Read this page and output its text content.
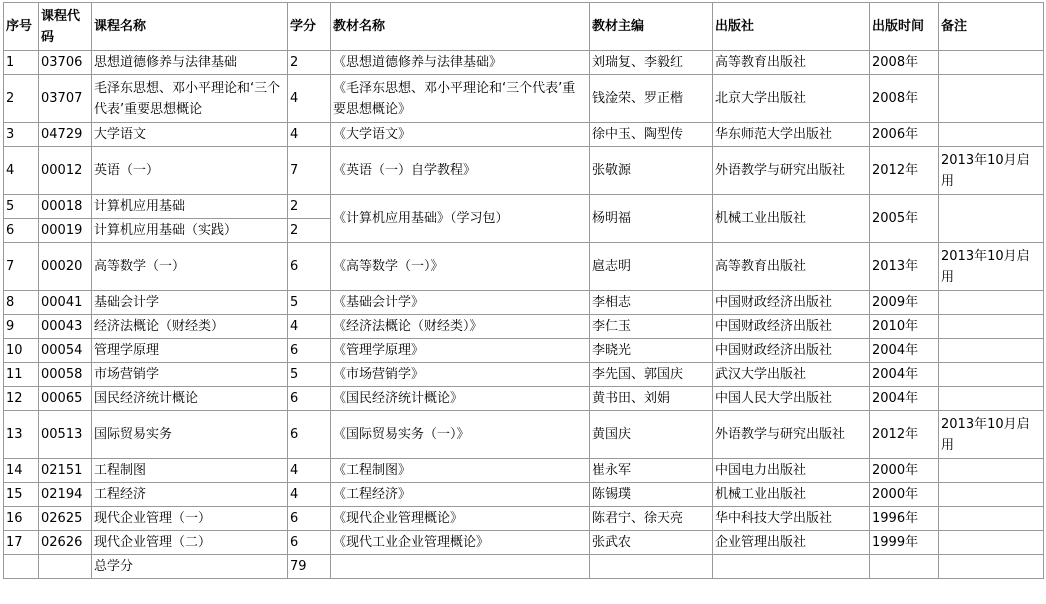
序号	课程代码	课程名称	学分	教材名称	教材主编	出版社	出版时间	备注
1	03706	思想道德修养与法律基础	2	《思想道德修养与法律基础》	刘瑞复、李毅红	高等教育出版社	2008年	
2	03707	毛泽东思想、邓小平理论和‘三个代表’重要思想概论	4	《毛泽东思想、邓小平理论和‘三个代表’重要思想概论》	钱淦荣、罗正楷	北京大学出版社	2008年	
3	04729	大学语文	4	《大学语文》	徐中玉、陶型传	华东师范大学出版社	2006年	
4	00012	英语（一）	7	《英语（一）自学教程》	张敬源	外语教学与研究出版社	2012年	2013年10月启用
5	00018	计算机应用基础	2	《计算机应用基础》（学习包）	杨明福	机械工业出版社	2005年	
6	00019	计算机应用基础（实践）	2					
7	00020	高等数学（一）	6	《高等数学（一）》	扈志明	高等教育出版社	2013年	2013年10月启用
8	00041	基础会计学	5	《基础会计学》	李相志	中国财政经济出版社	2009年	
9	00043	经济法概论（财经类）	4	《经济法概论（财经类）》	李仁玉	中国财政经济出版社	2010年	
10	00054	管理学原理	6	《管理学原理》	李晓光	中国财政经济出版社	2004年	
11	00058	市场营销学	5	《市场营销学》	李先国、郭国庆	武汉大学出版社	2004年	
12	00065	国民经济统计概论	6	《国民经济统计概论》	黄书田、刘娟	中国人民大学出版社	2004年	
13	00513	国际贸易实务	6	《国际贸易实务（一）》	黄国庆	外语教学与研究出版社	2012年	2013年10月启用
14	02151	工程制图	4	《工程制图》	崔永军	中国电力出版社	2000年	
15	02194	工程经济	4	《工程经济》	陈锡璞	机械工业出版社	2000年	
16	02625	现代企业管理（一）	6	《现代企业管理概论》	陈君宁、徐天亮	华中科技大学出版社	1996年	
17	02626	现代企业管理（二）	6	《现代工业企业管理概论》	张武农	企业管理出版社	1999年	
		总学分	79					
